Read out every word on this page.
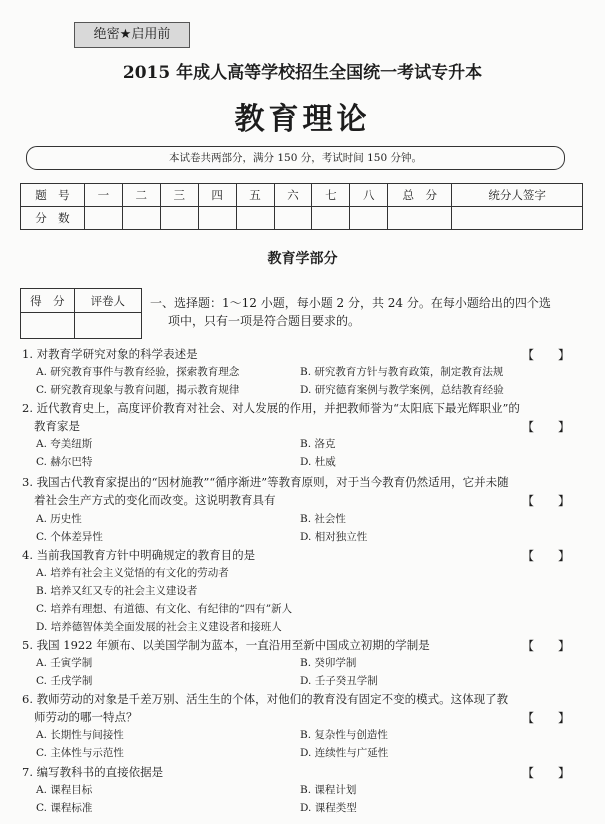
绝密★启用前
2015 年成人高等学校招生全国统一考试专升本
教育理论
本试卷共两部分，满分 150 分，考试时间 150 分钟。
题　号	一	二	三	四	五	六	七	八	总　分	统分人签字
分　数										
教育学部分
得　分	评卷人
	一、选择题：1～12 小题，每小题 2 分，共 24 分。在每小题给出的四个选
项中，只有一项是符合题目要求的。
1. 对教育学研究对象的科学表述是	【　　】
A. 研究教育事件与教育经验，探索教育理念	B. 研究教育方针与教育政策，制定教育法规
C. 研究教育现象与教育问题，揭示教育规律	D. 研究德育案例与教学案例，总结教育经验
2. 近代教育史上，高度评价教育对社会、对人发展的作用，并把教师誉为“太阳底下最光辉职业”的
教育家是	【　　】
A. 夸美纽斯	B. 洛克
C. 赫尔巴特	D. 杜威
3. 我国古代教育家提出的“因材施教”“循序渐进”等教育原则，对于当今教育仍然适用，它并未随
着社会生产方式的变化而改变。这说明教育具有	【　　】
A. 历史性	B. 社会性
C. 个体差异性	D. 相对独立性
4. 当前我国教育方针中明确规定的教育目的是	【　　】
A. 培养有社会主义觉悟的有文化的劳动者
B. 培养又红又专的社会主义建设者
C. 培养有理想、有道德、有文化、有纪律的“四有”新人
D. 培养德智体美全面发展的社会主义建设者和接班人
5. 我国 1922 年颁布、以美国学制为蓝本，一直沿用至新中国成立初期的学制是	【　　】
A. 壬寅学制	B. 癸卯学制
C. 壬戌学制	D. 壬子癸丑学制
6. 教师劳动的对象是千差万别、活生生的个体，对他们的教育没有固定不变的模式。这体现了教
师劳动的哪一特点？	【　　】
A. 长期性与间接性	B. 复杂性与创造性
C. 主体性与示范性	D. 连续性与广延性
7. 编写教科书的直接依据是	【　　】
A. 课程目标	B. 课程计划
C. 课程标准	D. 课程类型
